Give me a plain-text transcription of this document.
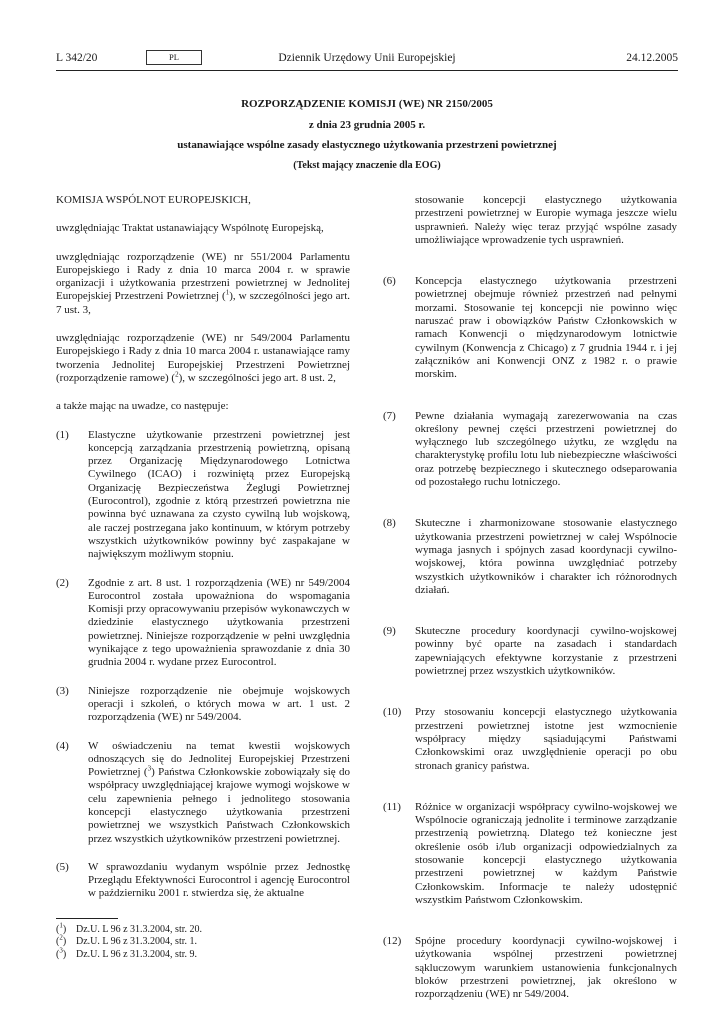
L 342/20	PL	Dziennik Urzędowy Unii Europejskiej	24.12.2005
ROZPORZĄDZENIE KOMISJI (WE) NR 2150/2005
z dnia 23 grudnia 2005 r.
ustanawiające wspólne zasady elastycznego użytkowania przestrzeni powietrznej
(Tekst mający znaczenie dla EOG)

KOMISJA WSPÓLNOT EUROPEJSKICH,

uwzględniając Traktat ustanawiający Wspólnotę Europejską,

uwzględniając rozporządzenie (WE) nr 551/2004 Parlamentu Europejskiego i Rady z dnia 10 marca 2004 r. w sprawie organizacji i użytkowania przestrzeni powietrznej w Jednolitej Europejskiej Przestrzeni Powietrznej ($^1$), w szczególności jego art. 7 ust. 3,

uwzględniając rozporządzenie (WE) nr 549/2004 Parlamentu Europejskiego i Rady z dnia 10 marca 2004 r. ustanawiające ramy tworzenia Jednolitej Europejskiej Przestrzeni Powietrznej (rozporządzenie ramowe) ($^2$), w szczególności jego art. 8 ust. 2,

a także mając na uwadze, co następuje:

(1)	Elastyczne użytkowanie przestrzeni powietrznej jest koncepcją zarządzania przestrzenią powietrzną, opisaną przez Organizację Międzynarodowego Lotnictwa Cywilnego (ICAO) i rozwiniętą przez Europejską Organizację Bezpieczeństwa Żeglugi Powietrznej (Eurocontrol), zgodnie z którą przestrzeń powietrzna nie powinna być uznawana za czysto cywilną lub wojskową, ale raczej postrzegana jako kontinuum, w którym potrzeby wszystkich użytkowników powinny być zaspakajane w największym możliwym stopniu.
(2)	Zgodnie z art. 8 ust. 1 rozporządzenia (WE) nr 549/2004 Eurocontrol została upoważniona do wspomagania Komisji przy opracowywaniu przepisów wykonawczych w dziedzinie elastycznego użytkowania przestrzeni powietrznej. Niniejsze rozporządzenie w pełni uwzględnia wynikające z tego upoważnienia sprawozdanie z dnia 30 grudnia 2004 r. wydane przez Eurocontrol.
(3)	Niniejsze rozporządzenie nie obejmuje wojskowych operacji i szkoleń, o których mowa w art. 1 ust. 2 rozporządzenia (WE) nr 549/2004.
(4)	W oświadczeniu na temat kwestii wojskowych odnoszących się do Jednolitej Europejskiej Przestrzeni Powietrznej ($^3$) Państwa Członkowskie zobowiązały się do współpracy uwzględniającej krajowe wymogi wojskowe w celu zapewnienia pełnego i jednolitego stosowania koncepcji elastycznego użytkowania przestrzeni powietrznej we wszystkich Państwach Członkowskich przez wszystkich użytkowników przestrzeni powietrznej.
(5)	W sprawozdaniu wydanym wspólnie przez Jednostkę Przeglądu Efektywności Eurocontrol i agencję Eurocontrol w październiku 2001 r. stwierdza się, że aktualne
($^1$) Dz.U. L 96 z 31.3.2004, str. 20.
($^2$) Dz.U. L 96 z 31.3.2004, str. 1.
($^3$) Dz.U. L 96 z 31.3.2004, str. 9.
stosowanie koncepcji elastycznego użytkowania przestrzeni powietrznej w Europie wymaga jeszcze wielu usprawnień. Należy więc teraz przyjąć wspólne zasady umożliwiające wprowadzenie tych usprawnień.
(6)	Koncepcja elastycznego użytkowania przestrzeni powietrznej obejmuje również przestrzeń nad pełnymi morzami. Stosowanie tej koncepcji nie powinno więc naruszać praw i obowiązków Państw Członkowskich w ramach Konwencji o międzynarodowym lotnictwie cywilnym (Konwencja z Chicago) z 7 grudnia 1944 r. i jej załączników ani Konwencji ONZ z 1982 r. o prawie morskim.
(7)	Pewne działania wymagają zarezerwowania na czas określony pewnej części przestrzeni powietrznej do wyłącznego lub szczególnego użytku, ze względu na charakterystykę profilu lotu lub niebezpieczne właściwości oraz potrzebę bezpiecznego i skutecznego odseparowania od pozostałego ruchu lotniczego.
(8)	Skuteczne i zharmonizowane stosowanie elastycznego użytkowania przestrzeni powietrznej w całej Wspólnocie wymaga jasnych i spójnych zasad koordynacji cywilno-wojskowej, która powinna uwzględniać potrzeby wszystkich użytkowników i charakter ich różnorodnych działań.
(9)	Skuteczne procedury koordynacji cywilno-wojskowej powinny być oparte na zasadach i standardach zapewniających efektywne korzystanie z przestrzeni powietrznej przez wszystkich użytkowników.
(10)	Przy stosowaniu koncepcji elastycznego użytkowania przestrzeni powietrznej istotne jest wzmocnienie współpracy między sąsiadującymi Państwami Członkowskimi oraz uwzględnienie operacji po obu stronach granicy państwa.
(11)	Różnice w organizacji współpracy cywilno-wojskowej we Wspólnocie ograniczają jednolite i terminowe zarządzanie przestrzenią powietrzną. Dlatego też konieczne jest określenie osób i/lub organizacji odpowiedzialnych za stosowanie koncepcji elastycznego użytkowania przestrzeni powietrznej w każdym Państwie Członkowskim. Informacje te należy udostępnić wszystkim Państwom Członkowskim.
(12)	Spójne procedury koordynacji cywilno-wojskowej i użytkowania wspólnej przestrzeni powietrznej sąkluczowym warunkiem ustanowienia funkcjonalnych bloków przestrzeni powietrznej, jak określono w rozporządzeniu (WE) nr 549/2004.
